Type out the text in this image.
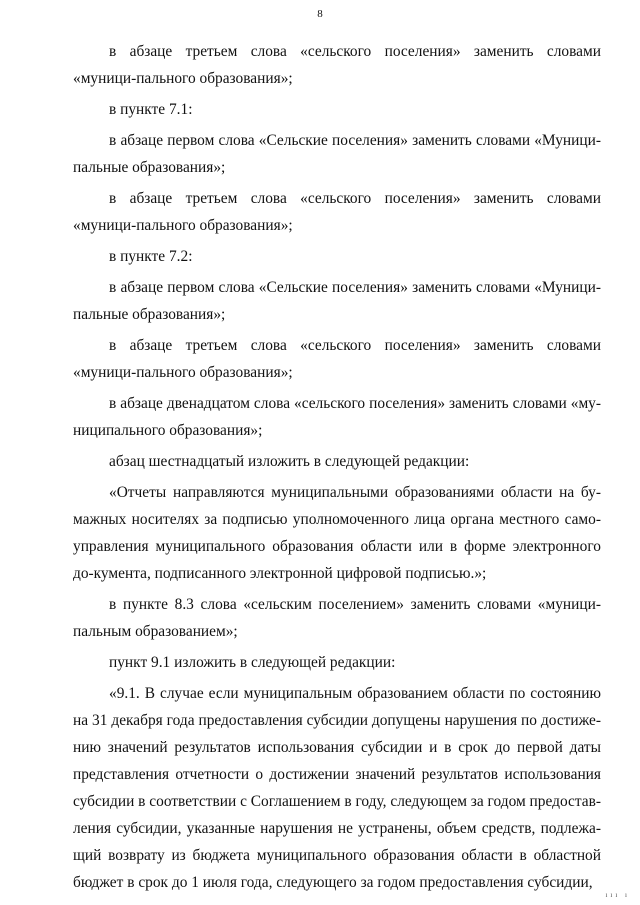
8

в абзаце третьем слова «сельского поселения» заменить словами «муници-пального образования»;

в пункте 7.1:

в абзаце первом слова «Сельские поселения» заменить словами «Муници-пальные образования»;

в абзаце третьем слова «сельского поселения» заменить словами «муници-пального образования»;

в пункте 7.2:

в абзаце первом слова «Сельские поселения» заменить словами «Муници-пальные образования»;

в абзаце третьем слова «сельского поселения» заменить словами «муници-пального образования»;

в абзаце двенадцатом слова «сельского поселения» заменить словами «му-ниципального образования»;

абзац шестнадцатый изложить в следующей редакции:

«Отчеты направляются муниципальными образованиями области на бу-мажных носителях за подписью уполномоченного лица органа местного само-управления муниципального образования области или в форме электронного до-кумента, подписанного электронной цифровой подписью.»;

в пункте 8.3 слова «сельским поселением» заменить словами «муници-пальным образованием»;

пункт 9.1 изложить в следующей редакции:

«9.1. В случае если муниципальным образованием области по состоянию на 31 декабря года предоставления субсидии допущены нарушения по достиже-нию значений результатов использования субсидии и в срок до первой даты представления отчетности о достижении значений результатов использования субсидии в соответствии с Соглашением в году, следующем за годом предостав-ления субсидии, указанные нарушения не устранены, объем средств, подлежа-щий возврату из бюджета муниципального образования области в областной бюджет в срок до 1 июля года, следующего за годом предоставления субсидии,

ııı ı
